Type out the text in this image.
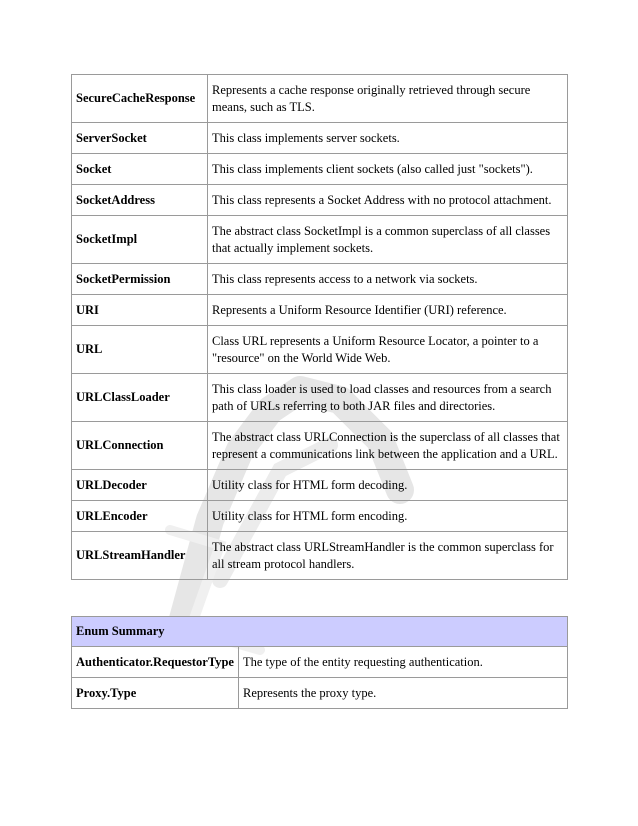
SecureCacheResponse	Represents a cache response originally retrieved through secure means, such as TLS.
ServerSocket	This class implements server sockets.
Socket	This class implements client sockets (also called just "sockets").
SocketAddress	This class represents a Socket Address with no protocol attachment.
SocketImpl	The abstract class SocketImpl is a common superclass of all classes that actually implement sockets.
SocketPermission	This class represents access to a network via sockets.
URI	Represents a Uniform Resource Identifier (URI) reference.
URL	Class URL represents a Uniform Resource Locator, a pointer to a "resource" on the World Wide Web.
URLClassLoader	This class loader is used to load classes and resources from a search path of URLs referring to both JAR files and directories.
URLConnection	The abstract class URLConnection is the superclass of all classes that represent a communications link between the application and a URL.
URLDecoder	Utility class for HTML form decoding.
URLEncoder	Utility class for HTML form encoding.
URLStreamHandler	The abstract class URLStreamHandler is the common superclass for all stream protocol handlers.
Enum Summary	
Authenticator.RequestorType	The type of the entity requesting authentication.
Proxy.Type	Represents the proxy type.
